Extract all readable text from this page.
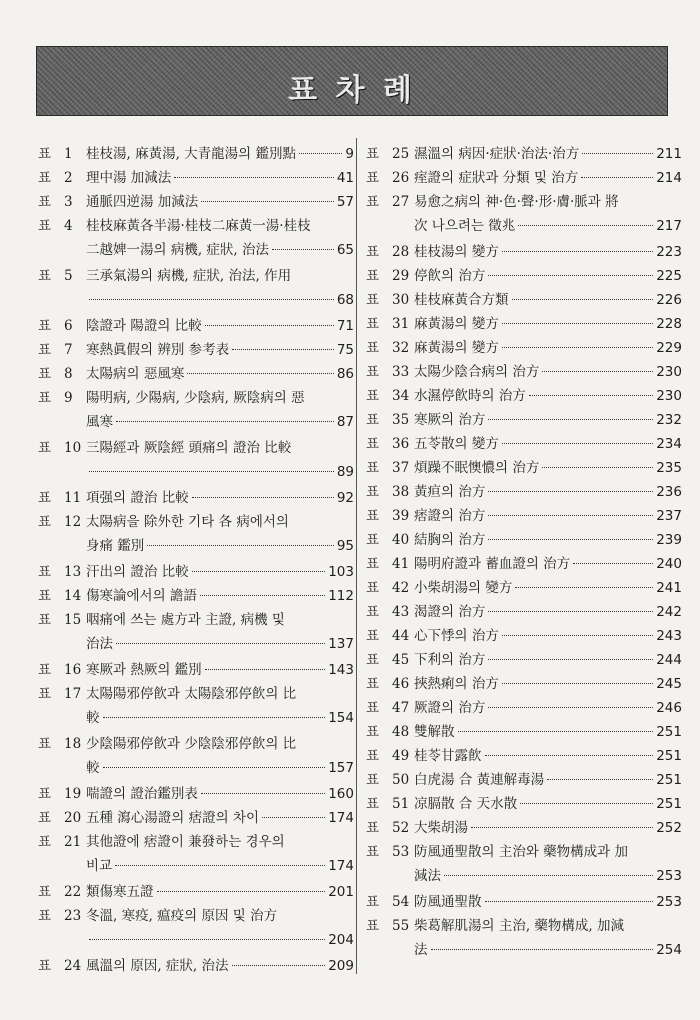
표 차 례
표 1 桂枝湯, 麻黃湯, 大青龍湯의 鑑別點	9
표 2 理中湯 加減法	41
표 3 通脈四逆湯 加減法	57
표 4 桂枝麻黃各半湯·桂枝二麻黃一湯·桂枝
二越婢一湯의 病機, 症狀, 治法	65
표 5 三承氣湯의 病機, 症狀, 治法, 作用
68
표 6 陰證과 陽證의 比較	71
표 7 寒熱眞假의 辨別 参考表	75
표 8 太陽病의 惡風寒	86
표 9 陽明病, 少陽病, 少陰病, 厥陰病의 惡
風寒	87
표 10 三陽經과 厥陰經 頭痛의 證治 比較
89
표 11 項强의 證治 比較	92
표 12 太陽病을 除外한 기타 各 病에서의
身痛 鑑別	95
표 13 汗出의 證治 比較	103
표 14 傷寒論에서의 譫語	112
표 15 咽痛에 쓰는 處方과 主證, 病機 및
治法	137
표 16 寒厥과 熱厥의 鑑別	143
표 17 太陽陽邪停飮과 太陽陰邪停飮의 比
較	154
표 18 少陰陽邪停飮과 少陰陰邪停飮의 比
較	157
표 19 喘證의 證治鑑別表	160
표 20 五種 瀉心湯證의 痞證의 차이	174
표 21 其他證에 痞證이 兼發하는 경우의
비교	174
표 22 類傷寒五證	201
표 23 冬溫, 寒疫, 瘟疫의 原因 및 治方
204
표 24 風溫의 原因, 症狀, 治法	209
표 25 濕溫의 病因·症狀·治法·治方	211
표 26 痓證의 症狀과 分類 및 治方	214
표 27 易愈之病의 神·色·聲·形·膚·脈과 將
次 나으려는 徵兆	217
표 28 桂枝湯의 變方	223
표 29 停飮의 治方	225
표 30 桂枝麻黃合方類	226
표 31 麻黃湯의 變方	228
표 32 麻黃湯의 變方	229
표 33 太陽少陰合病의 治方	230
표 34 水濕停飮時의 治方	230
표 35 寒厥의 治方	232
표 36 五苓散의 變方	234
표 37 煩躁不眠懊憹의 治方	235
표 38 黃疸의 治方	236
표 39 痞證의 治方	237
표 40 結胸의 治方	239
표 41 陽明府證과 蓄血證의 治方	240
표 42 小柴胡湯의 變方	241
표 43 渴證의 治方	242
표 44 心下悸의 治方	243
표 45 下利의 治方	244
표 46 挾熱痢의 治方	245
표 47 厥證의 治方	246
표 48 雙解散	251
표 49 桂苓甘露飮	251
표 50 白虎湯 合 黃連解毒湯	251
표 51 凉膈散 合 天水散	251
표 52 大柴胡湯	252
표 53 防風通聖散의 主治와 藥物構成과 加
減法	253
표 54 防風通聖散	253
표 55 柴葛解肌湯의 主治, 藥物構成, 加減
法	254
